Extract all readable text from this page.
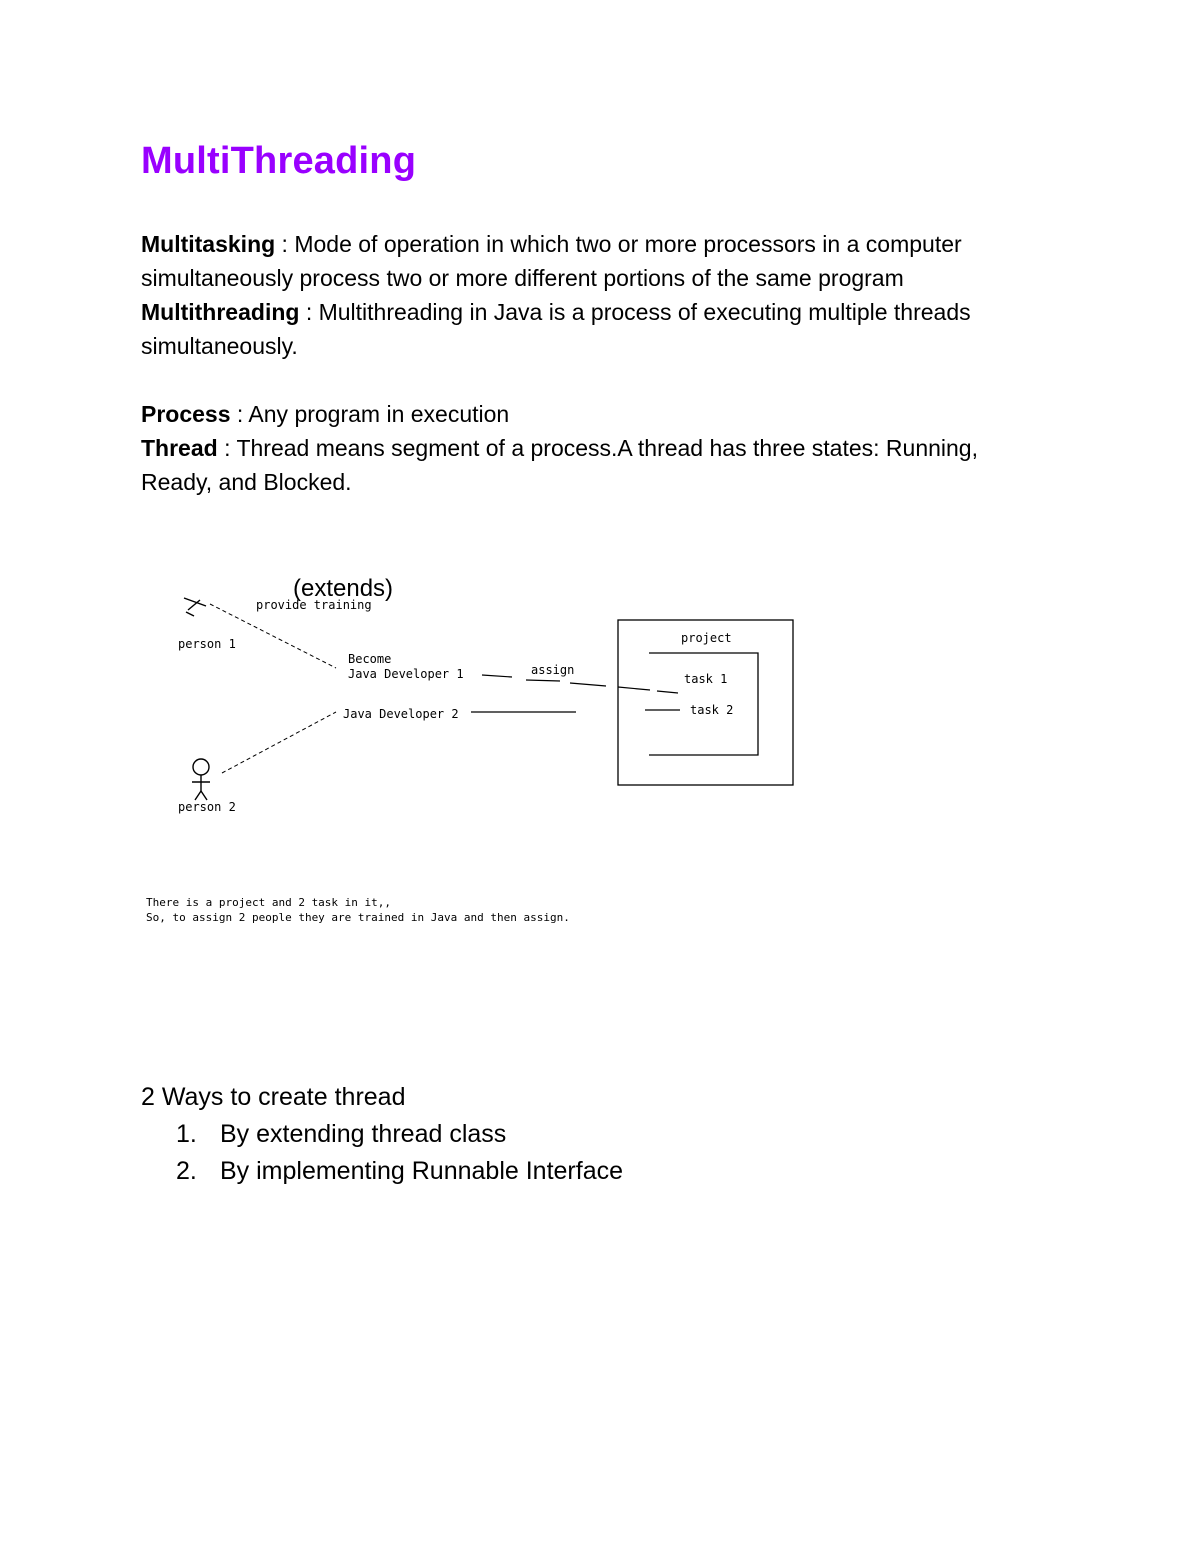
MultiThreading

Multitasking : Mode of operation in which two or more processors in a computer simultaneously process two or more different portions of the same program

Multithreading : Multithreading in Java is a process of executing multiple threads simultaneously.

Process : Any program in execution

Thread : Thread means segment of a process.A thread has three states: Running, Ready, and Blocked.

(extends)
provide training
person 1
Become
Java Developer 1
Java Developer 2
person 2
assign
project
task 1
task 2
There is a project and 2 task in it,,
So, to assign 2 people they are trained in Java and then assign.

2 Ways to create thread

1. By extending thread class
2. By implementing Runnable Interface
